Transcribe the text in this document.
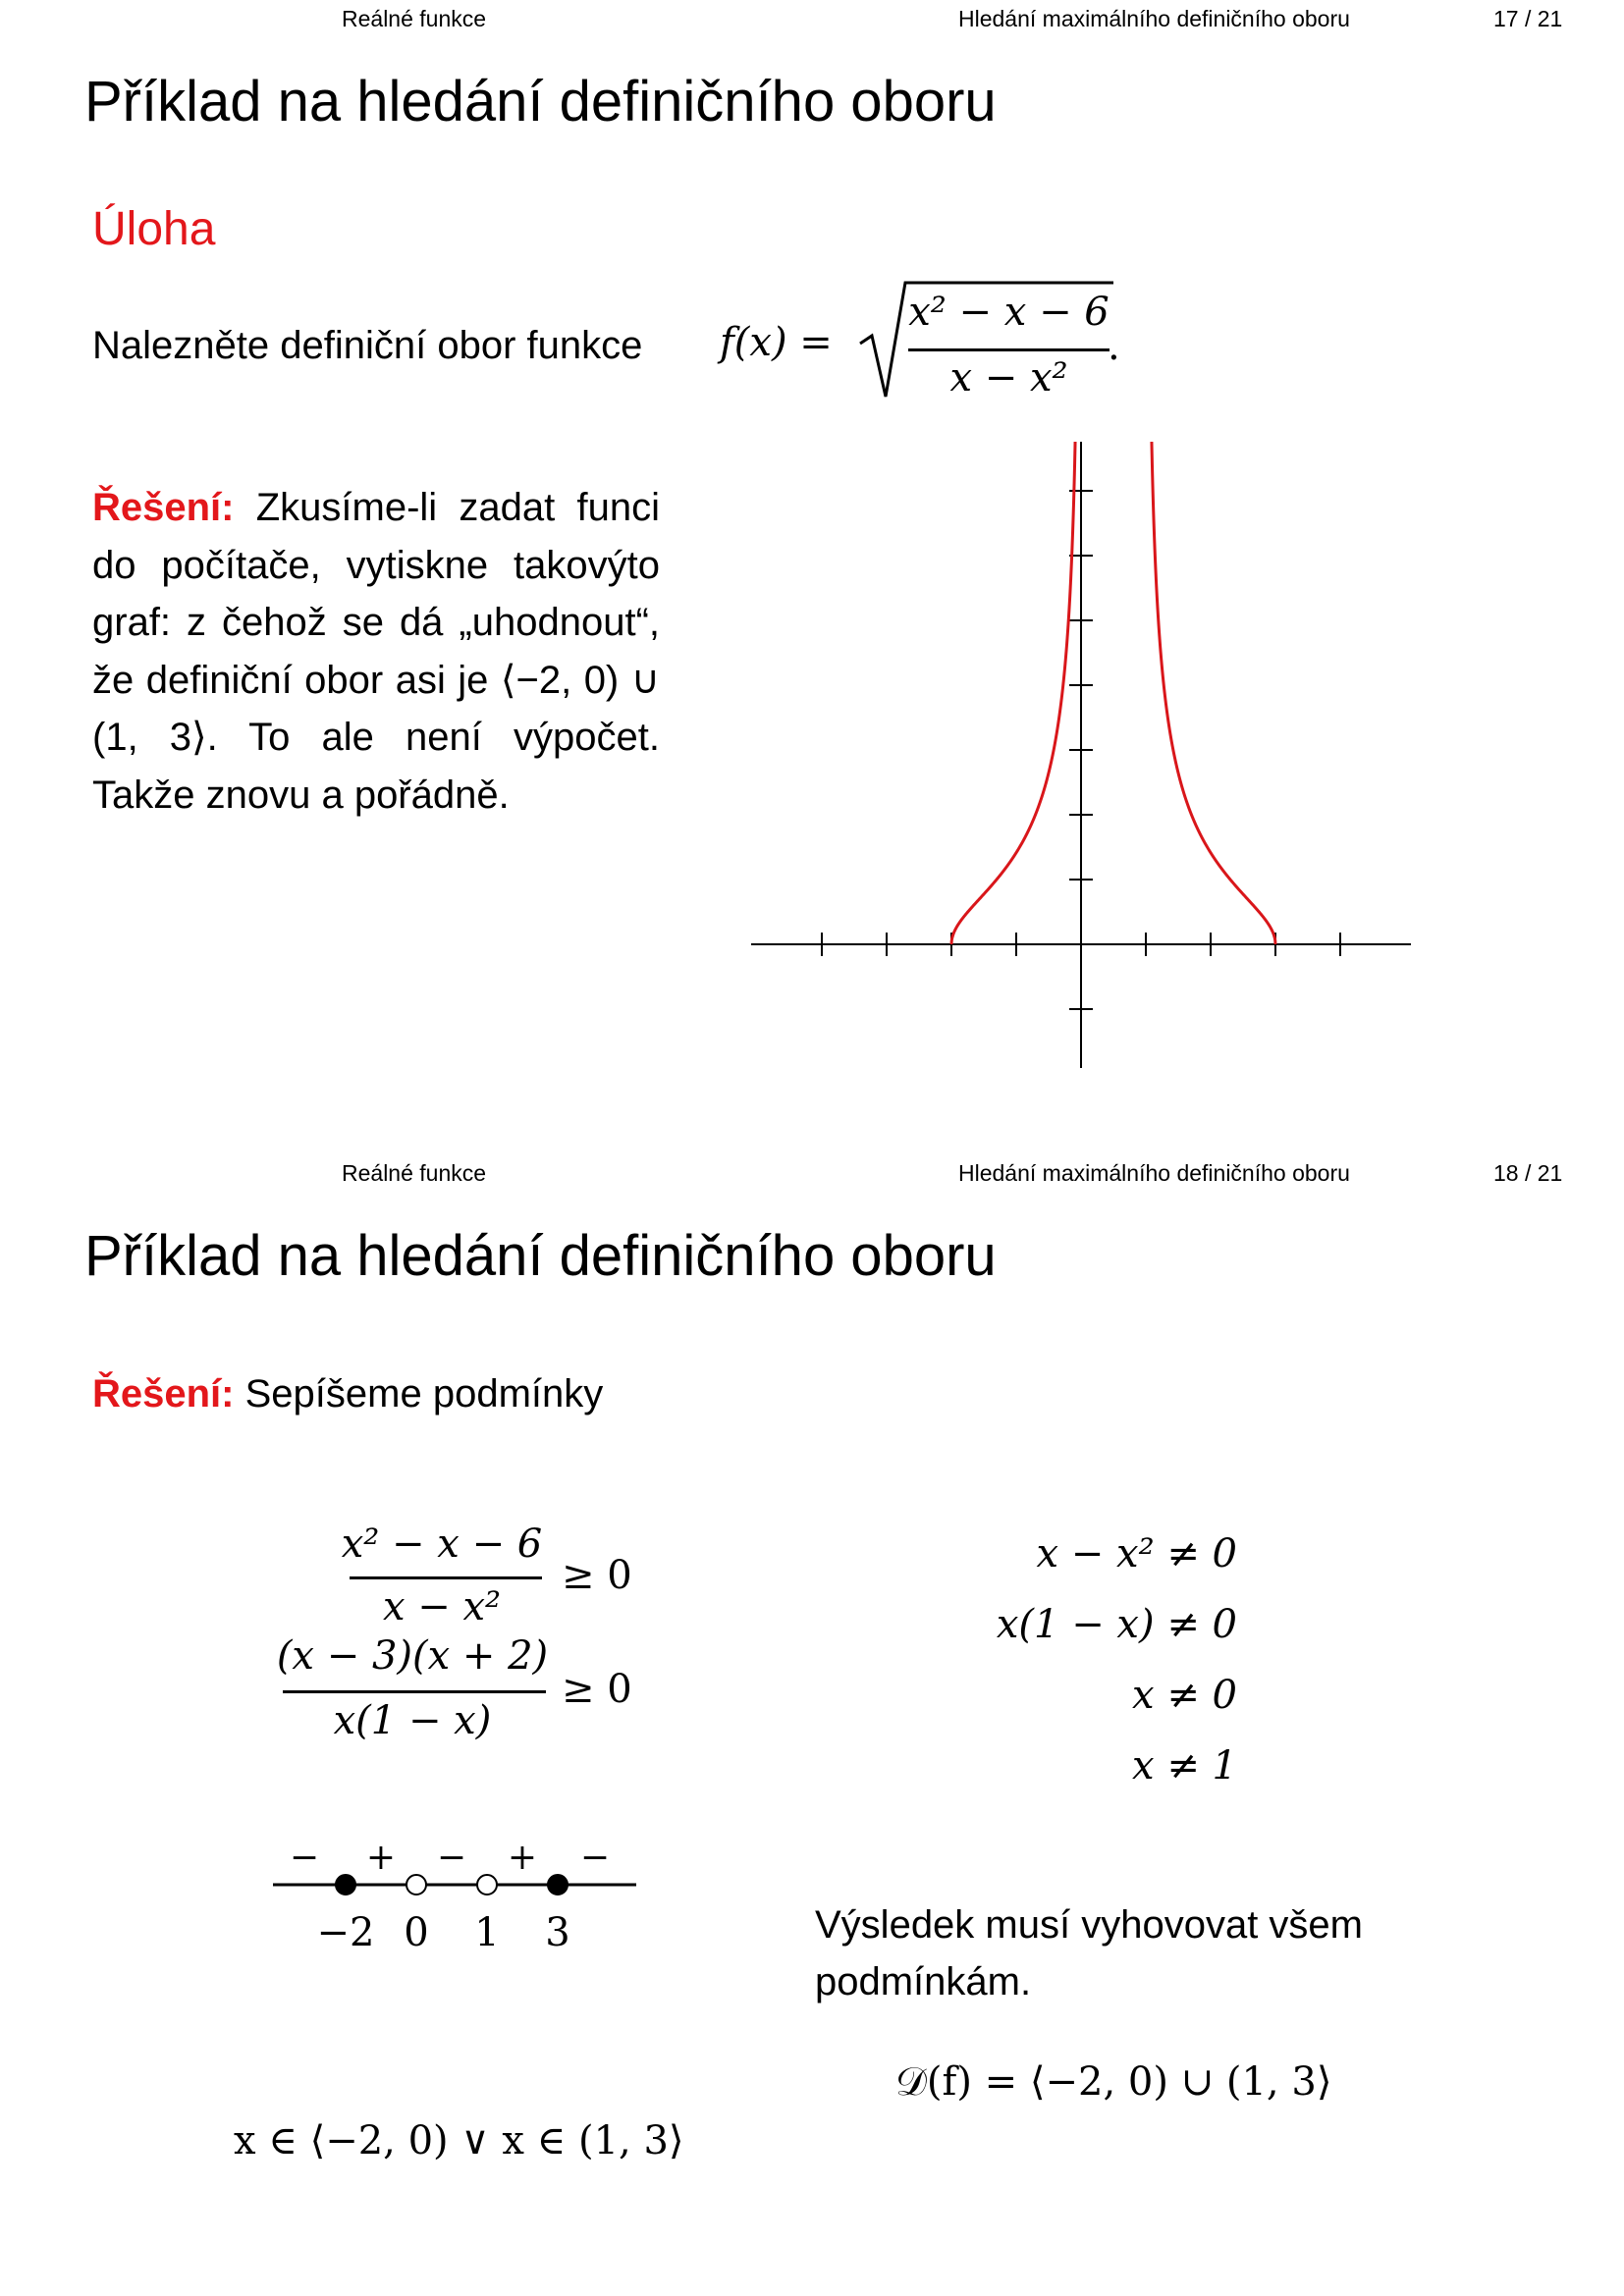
Reálné funkce	Hledání maximálního definičního oboru	17 / 21
Příklad na hledání definičního oboru
Úloha
Nalezněte definiční obor funkce f(x) =
x² − x − 6
x − x²
.
Řešení: Zkusíme-li zadat funci do počítače, vytiskne takovýto graf: z čehož se dá „uhodnout“, že definiční obor asi je ⟨−2, 0) ∪ (1, 3⟩. To ale není výpočet. Takže znovu a pořádně.
Reálné funkce	Hledání maximálního definičního oboru	18 / 21
Příklad na hledání definičního oboru
Řešení: Sepíšeme podmínky
x² − x − 6
x − x²
≥ 0
(x − 3)(x + 2)
x(1 − x)
≥ 0
x − x² ≠ 0
x(1 − x) ≠ 0
x ≠ 0
x ≠ 1
− + − + −
−2 0 1 3	Výsledek musí vyhovovat všem podmínkám.
𝒟(f) = ⟨−2, 0) ∪ (1, 3⟩
x ∈ ⟨−2, 0) ∨ x ∈ (1, 3⟩
